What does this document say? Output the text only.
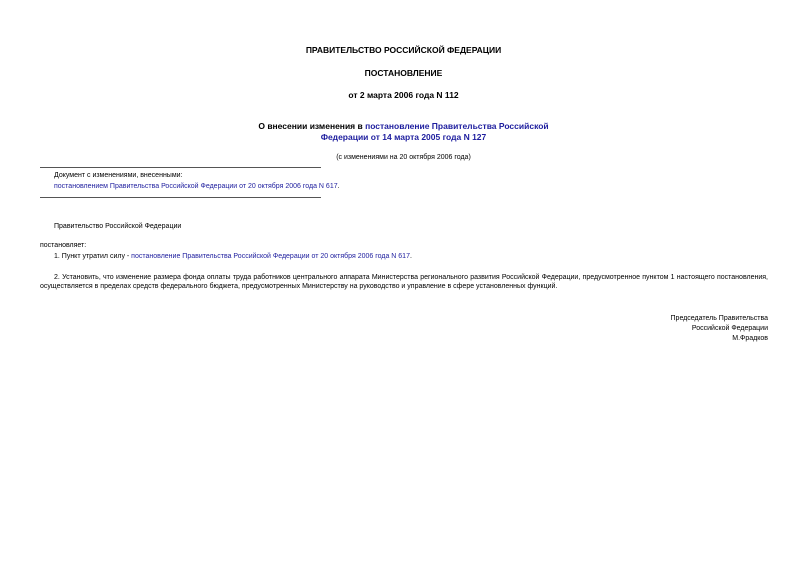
ПРАВИТЕЛЬСТВО РОССИЙСКОЙ ФЕДЕРАЦИИ
ПОСТАНОВЛЕНИЕ
от 2 марта 2006 года N 112
О внесении изменения в постановление Правительства Российской
Федерации от 14 марта 2005 года N 127
(с изменениями на 20 октября 2006 года)
Документ с изменениями, внесенными:
постановлением Правительства Российской Федерации от 20 октября 2006 года N 617.
Правительство Российской Федерации
постановляет:
1. Пункт утратил силу - постановление Правительства Российской Федерации от 20 октября 2006 года N 617.
2. Установить, что изменение размера фонда оплаты труда работников центрального аппарата Министерства регионального развития Российской Федерации, предусмотренное пунктом 1 настоящего постановления, осуществляется в пределах средств федерального бюджета, предусмотренных Министерству на руководство и управление в сфере установленных функций.
Председатель Правительства
Российской Федерации
М.Фрадков
